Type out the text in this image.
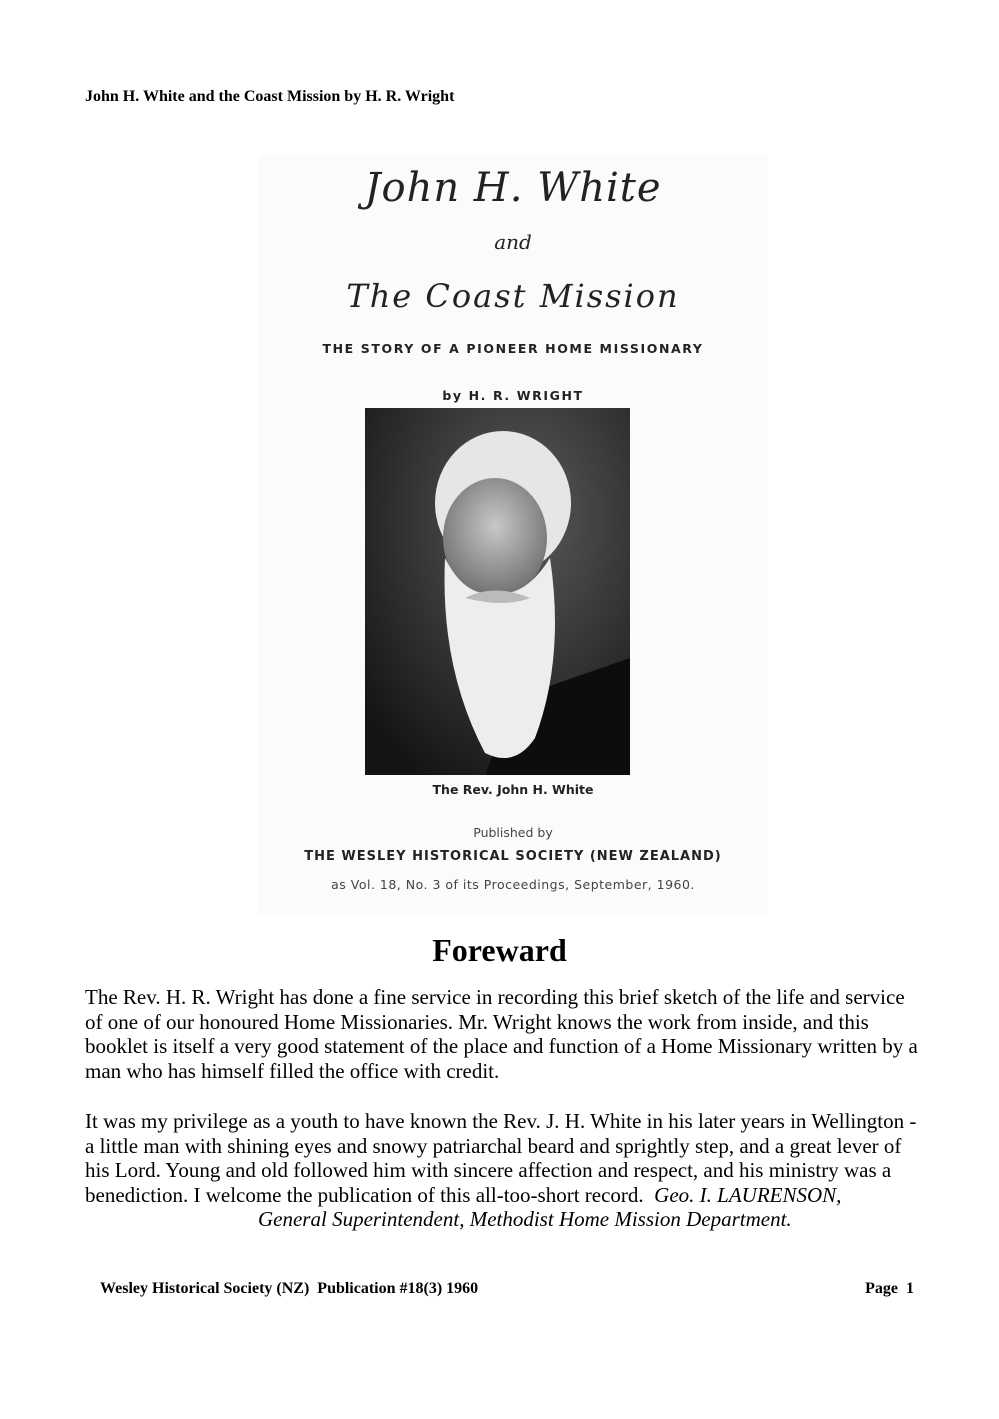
John H. White and the Coast Mission by H. R. Wright
John H. White
and
The Coast Mission
THE STORY OF A PIONEER HOME MISSIONARY
by H. R. WRIGHT
The Rev. John H. White
Published by
THE WESLEY HISTORICAL SOCIETY (NEW ZEALAND)
as Vol. 18, No. 3 of its Proceedings, September, 1960.
Foreward
The Rev. H. R. Wright has done a fine service in recording this brief sketch of the life and service of one of our honoured Home Missionaries. Mr. Wright knows the work from inside, and this booklet is itself a very good statement of the place and function of a Home Missionary written by a man who has himself filled the office with credit.
It was my privilege as a youth to have known the Rev. J. H. White in his later years in Wellington - a little man with shining eyes and snowy patriarchal beard and sprightly step, and a great lever of his Lord. Young and old followed him with sincere affection and respect, and his ministry was a benediction. I welcome the publication of this all-too-short record. Geo. I. LAURENSON,
General Superintendent, Methodist Home Mission Department.
Wesley Historical Society (NZ)  Publication #18(3) 1960	Page  1
